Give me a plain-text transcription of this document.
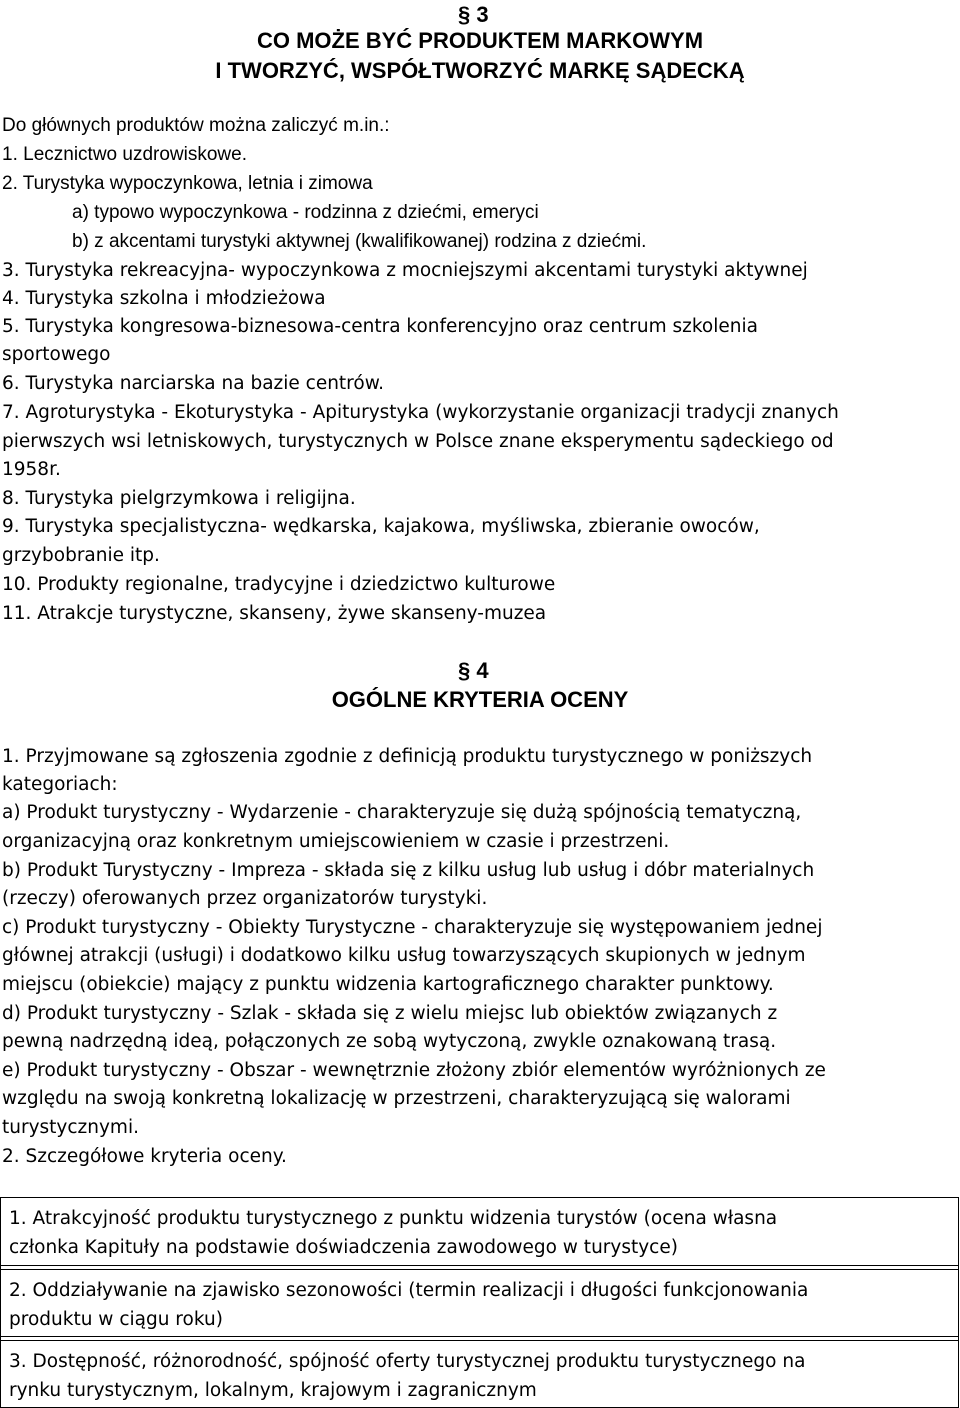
§ 3
CO MOŻE BYĆ PRODUKTEM MARKOWYM
I TWORZYĆ, WSPÓŁTWORZYĆ MARKĘ SĄDECKĄ
Do głównych produktów można zaliczyć m.in.:
1. Lecznictwo uzdrowiskowe.
2. Turystyka wypoczynkowa, letnia i zimowa
a) typowo wypoczynkowa - rodzinna z dziećmi, emeryci
b) z akcentami turystyki aktywnej (kwalifikowanej) rodzina z dziećmi.
3. Turystyka rekreacyjna- wypoczynkowa z mocniejszymi akcentami turystyki aktywnej
4. Turystyka szkolna i młodzieżowa
5. Turystyka kongresowa-biznesowa-centra konferencyjno oraz centrum szkolenia
sportowego
6. Turystyka narciarska na bazie centrów.
7. Agroturystyka - Ekoturystyka - Apiturystyka (wykorzystanie organizacji tradycji znanych
pierwszych wsi letniskowych, turystycznych w Polsce znane eksperymentu sądeckiego od
1958r.
8. Turystyka pielgrzymkowa i religijna.
9. Turystyka specjalistyczna- wędkarska, kajakowa, myśliwska, zbieranie owoców,
grzybobranie itp.
10. Produkty regionalne, tradycyjne i dziedzictwo kulturowe
11. Atrakcje turystyczne, skanseny, żywe skanseny-muzea
§ 4
OGÓLNE KRYTERIA OCENY
1. Przyjmowane są zgłoszenia zgodnie z definicją produktu turystycznego w poniższych
kategoriach:
a) Produkt turystyczny - Wydarzenie - charakteryzuje się dużą spójnością tematyczną,
organizacyjną oraz konkretnym umiejscowieniem w czasie i przestrzeni.
b) Produkt Turystyczny - Impreza - składa się z kilku usług lub usług i dóbr materialnych
(rzeczy) oferowanych przez organizatorów turystyki.
c) Produkt turystyczny - Obiekty Turystyczne - charakteryzuje się występowaniem jednej
głównej atrakcji (usługi) i dodatkowo kilku usług towarzyszących skupionych w jednym
miejscu (obiekcie) mający z punktu widzenia kartograficznego charakter punktowy.
d) Produkt turystyczny - Szlak - składa się z wielu miejsc lub obiektów związanych z
pewną nadrzędną ideą, połączonych ze sobą wytyczoną, zwykle oznakowaną trasą.
e) Produkt turystyczny - Obszar - wewnętrznie złożony zbiór elementów wyróżnionych ze
względu na swoją konkretną lokalizację w przestrzeni, charakteryzującą się walorami
turystycznymi.
2. Szczegółowe kryteria oceny.
1. Atrakcyjność produktu turystycznego z punktu widzenia turystów (ocena własna
członka Kapituły na podstawie doświadczenia zawodowego w turystyce)
2. Oddziaływanie na zjawisko sezonowości (termin realizacji i długości funkcjonowania
produktu w ciągu roku)
3. Dostępność, różnorodność, spójność oferty turystycznej produktu turystycznego na
rynku turystycznym, lokalnym, krajowym i zagranicznym
